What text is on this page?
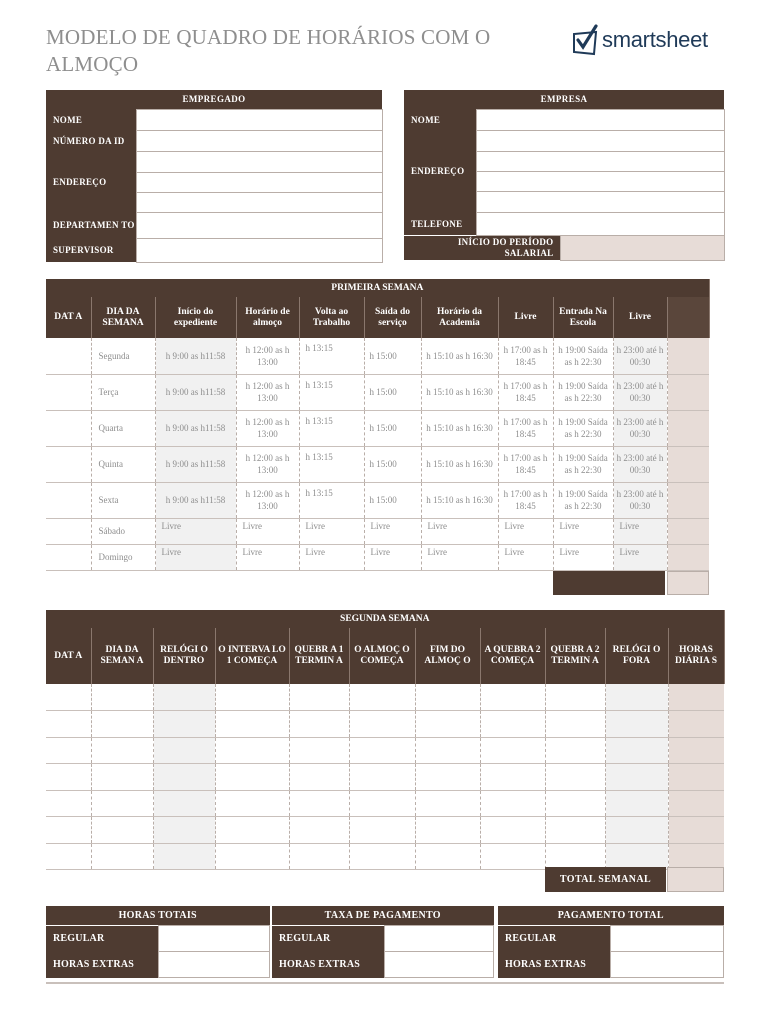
MODELO DE QUADRO DE HORÁRIOS COM O ALMOÇO
smartsheet
EMPREGADO	
NOME	
NÚMERO DA ID	
ENDEREÇO	

DEPARTAMEN TO	
SUPERVISOR	
EMPRESA		
NOME		
ENDEREÇO		

TELEFONE		
INÍCIO DO PERÍODO SALARIAL		
PRIMEIRA SEMANA										
DAT A	DIA DA SEMANA	Início do expediente	Horário de almoço	Volta ao Trabalho	Saída do serviço	Horário da Academia	Livre	Entrada Na Escola	Livre	
	Segunda	h 9:00 as h11:58	h 12:00 as h 13:00	h 13:15	h 15:00	h 15:10 as h 16:30	h 17:00 as h 18:45	h 19:00 Saída as h 22:30	h 23:00 até h 00:30	
	Terça	h 9:00 as h11:58	h 12:00 as h 13:00	h 13:15	h 15:00	h 15:10 as h 16:30	h 17:00 as h 18:45	h 19:00 Saída as h 22:30	h 23:00 até h 00:30	
	Quarta	h 9:00 as h11:58	h 12:00 as h 13:00	h 13:15	h 15:00	h 15:10 as h 16:30	h 17:00 as h 18:45	h 19:00 Saída as h 22:30	h 23:00 até h 00:30	
	Quinta	h 9:00 as h11:58	h 12:00 as h 13:00	h 13:15	h 15:00	h 15:10 as h 16:30	h 17:00 as h 18:45	h 19:00 Saída as h 22:30	h 23:00 até h 00:30	
	Sexta	h 9:00 as h11:58	h 12:00 as h 13:00	h 13:15	h 15:00	h 15:10 as h 16:30	h 17:00 as h 18:45	h 19:00 Saída as h 22:30	h 23:00 até h 00:30	
	Sábado	Livre	Livre	Livre	Livre	Livre	Livre	Livre	Livre	
	Domingo	Livre	Livre	Livre	Livre	Livre	Livre	Livre	Livre	
SEGUNDA SEMANA										
DAT A	DIA DA SEMAN A	RELÓGI O DENTRO	O INTERVA LO 1 COMEÇA	QUEBR A 1 TERMIN A	O ALMOÇ O COMEÇA	FIM DO ALMOÇ O	A QUEBRA 2 COMEÇA	QUEBR A 2 TERMIN A	RELÓGI O FORA	HORAS DIÁRIA S

TOTAL SEMANAL
HORAS TOTAIS	
REGULAR	
HORAS EXTRAS	
TAXA DE PAGAMENTO	
REGULAR	
HORAS EXTRAS	
PAGAMENTO TOTAL	
REGULAR	
HORAS EXTRAS	
